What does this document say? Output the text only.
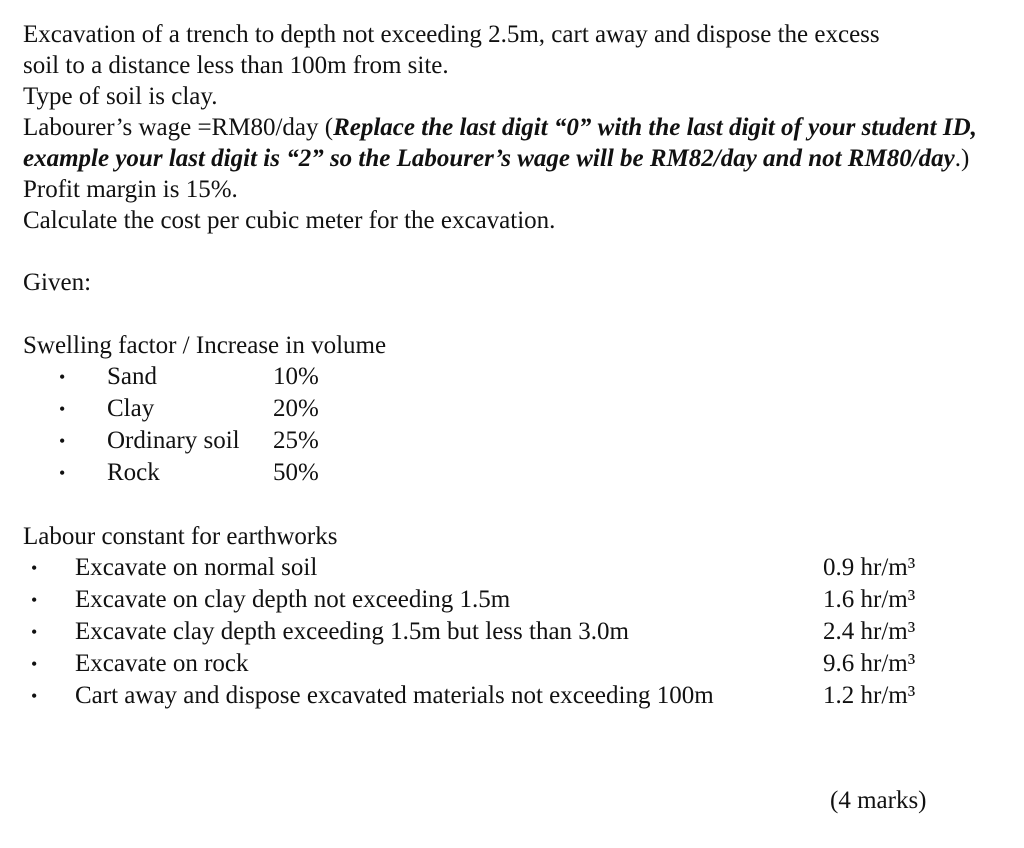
Excavation of a trench to depth not exceeding 2.5m, cart away and dispose the excess

soil to a distance less than 100m from site.

Type of soil is clay.

Labourer’s wage =RM80/day (Replace the last digit “0” with the last digit of your student ID, example your last digit is “2” so the Labourer’s wage will be RM82/day and not RM80/day.)

Profit margin is 15%.

Calculate the cost per cubic meter for the excavation.

Given:

Swelling factor / Increase in volume

• Sand	10%
• Clay	20%
• Ordinary soil 25%
• Rock	50%

Labour constant for earthworks

• Excavate on normal soil	0.9 hr/m³
• Excavate on clay depth not exceeding 1.5m	1.6 hr/m³
• Excavate clay depth exceeding 1.5m but less than 3.0m	2.4 hr/m³
• Excavate on rock	9.6 hr/m³
• Cart away and dispose excavated materials not exceeding 100m	1.2 hr/m³
(4 marks)
